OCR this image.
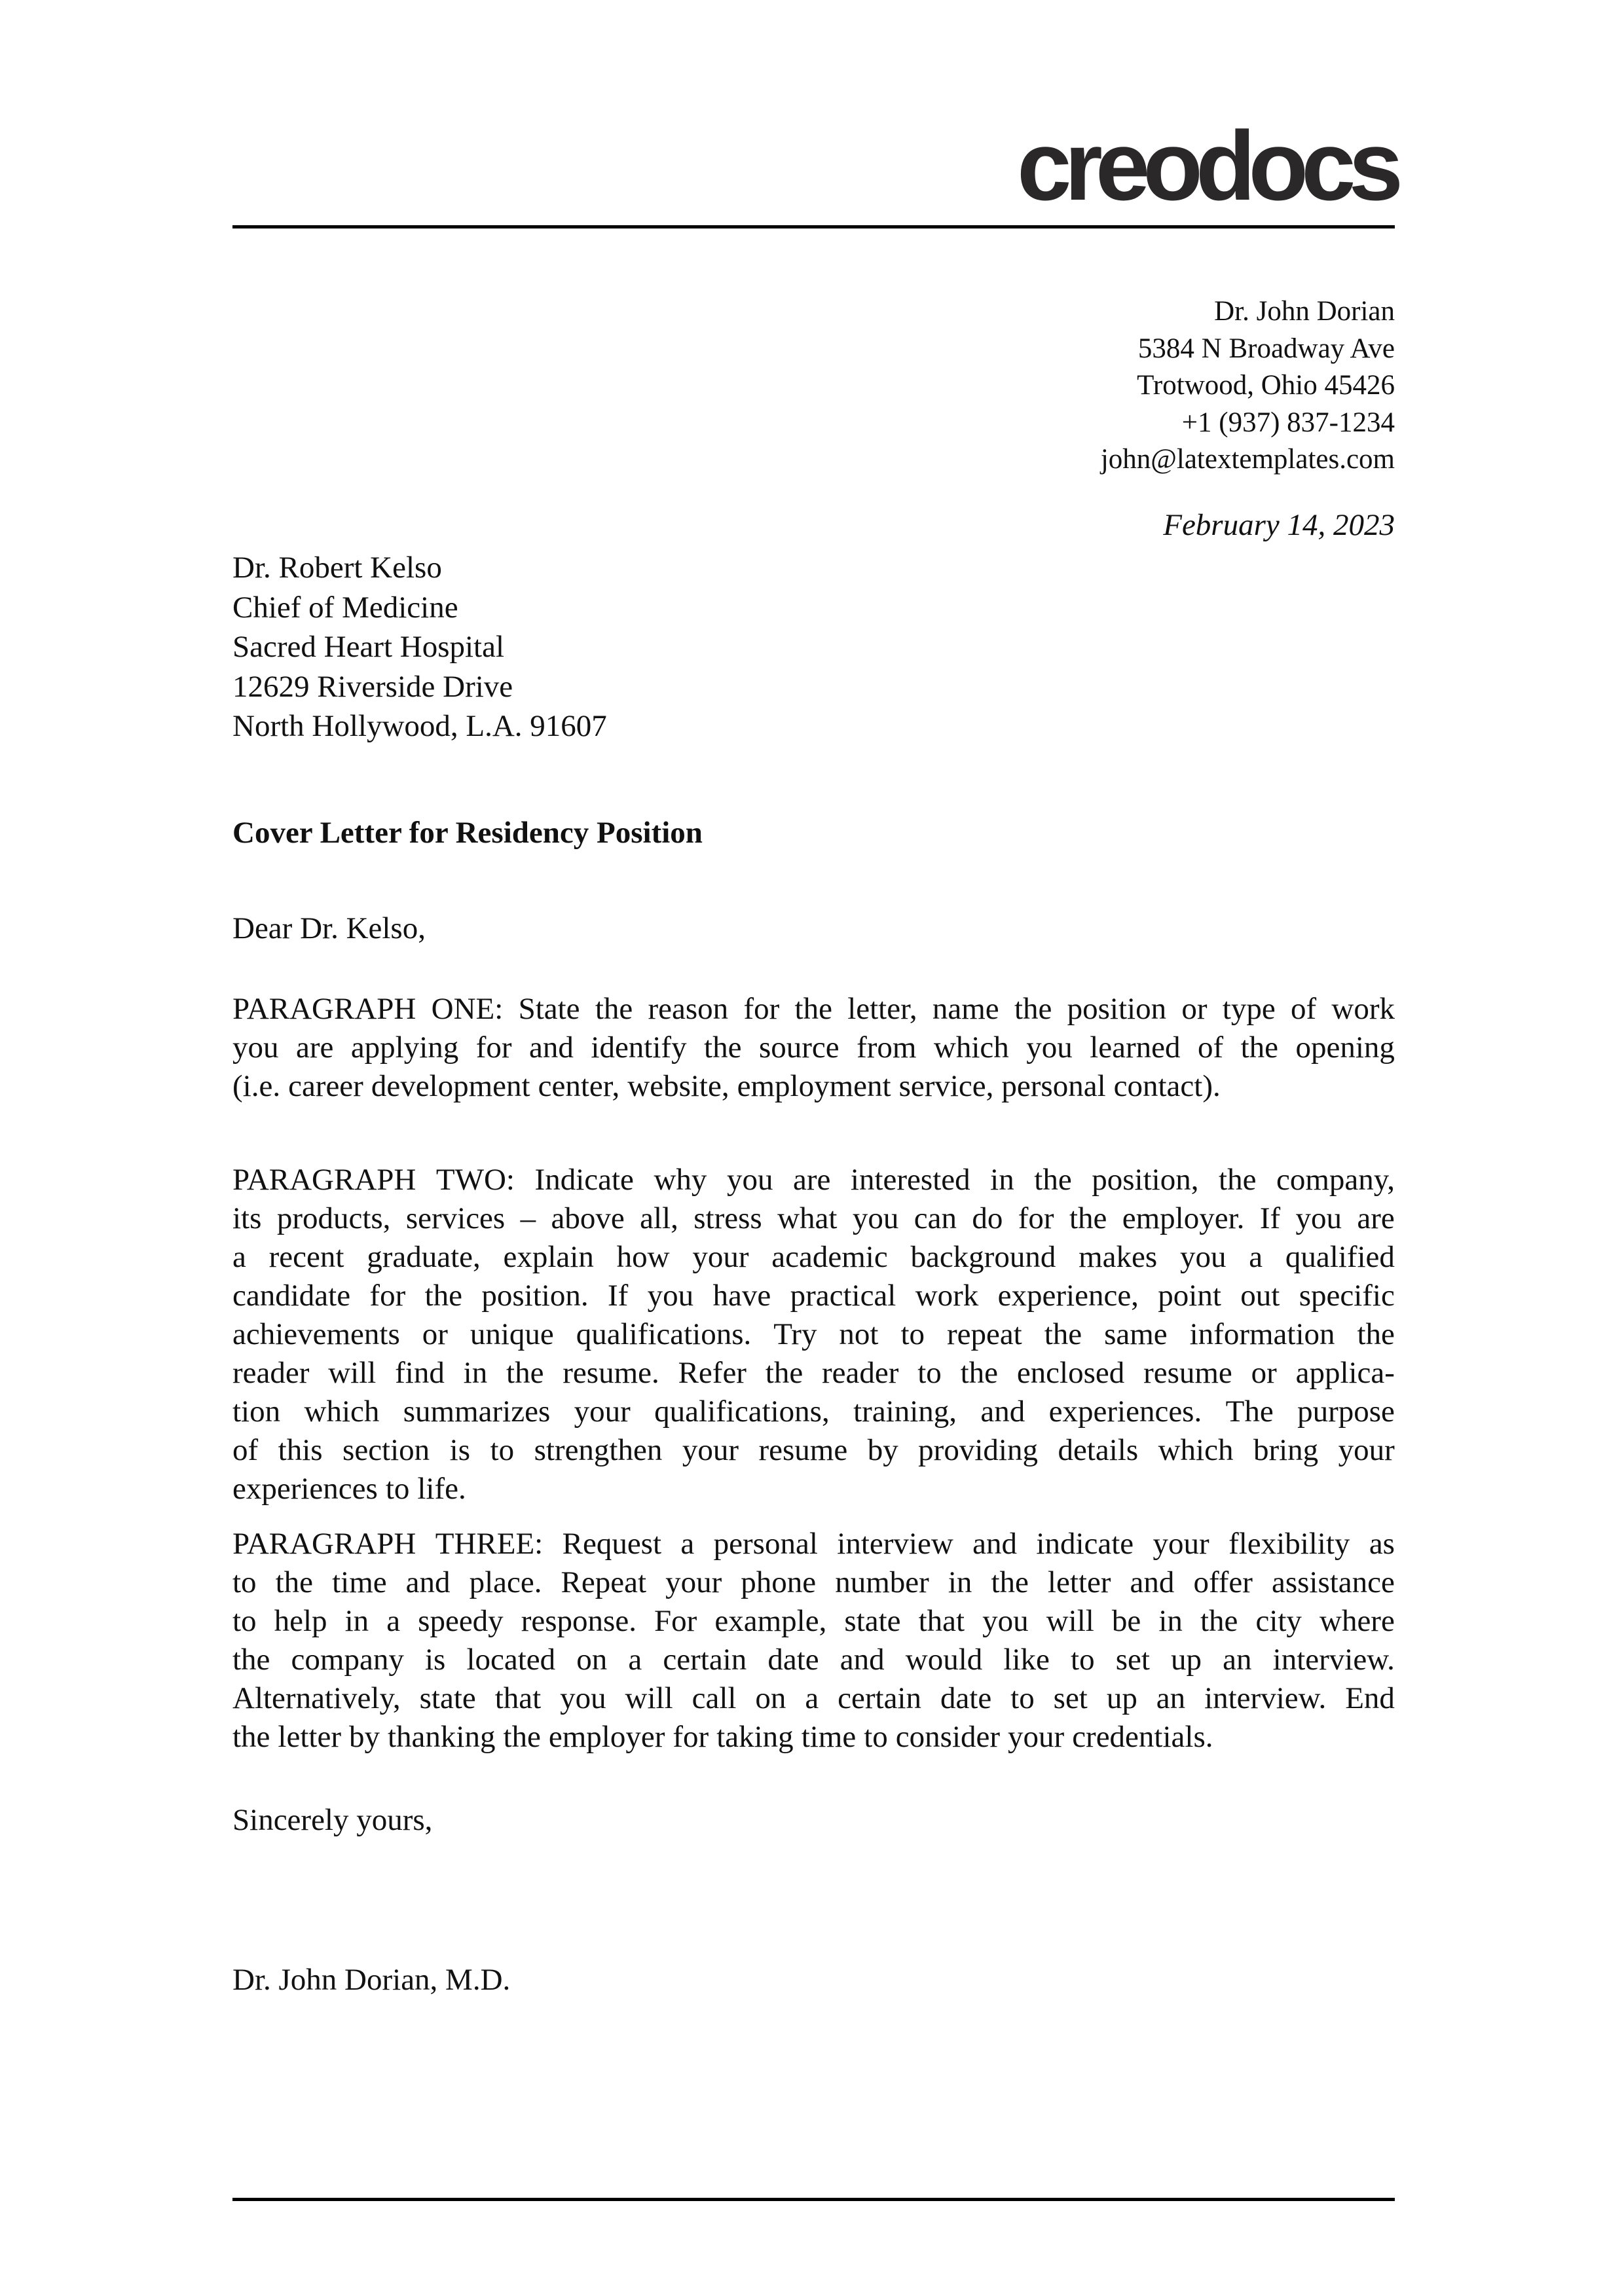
creodocs
Dr. John Dorian
5384 N Broadway Ave
Trotwood, Ohio 45426
+1 (937) 837-1234
john@latextemplates.com
February 14, 2023
Dr. Robert Kelso
Chief of Medicine
Sacred Heart Hospital
12629 Riverside Drive
North Hollywood, L.A. 91607
Cover Letter for Residency Position
Dear Dr. Kelso,
PARAGRAPH ONE: State the reason for the letter, name the position or type of work
you are applying for and identify the source from which you learned of the opening
(i.e. career development center, website, employment service, personal contact).
PARAGRAPH TWO: Indicate why you are interested in the position, the company,
its products, services – above all, stress what you can do for the employer. If you are
a recent graduate, explain how your academic background makes you a qualified
candidate for the position. If you have practical work experience, point out specific
achievements or unique qualifications. Try not to repeat the same information the
reader will find in the resume. Refer the reader to the enclosed resume or applica-
tion which summarizes your qualifications, training, and experiences. The purpose
of this section is to strengthen your resume by providing details which bring your
experiences to life.
PARAGRAPH THREE: Request a personal interview and indicate your flexibility as
to the time and place. Repeat your phone number in the letter and offer assistance
to help in a speedy response. For example, state that you will be in the city where
the company is located on a certain date and would like to set up an interview.
Alternatively, state that you will call on a certain date to set up an interview. End
the letter by thanking the employer for taking time to consider your credentials.
Sincerely yours,
Dr. John Dorian, M.D.
